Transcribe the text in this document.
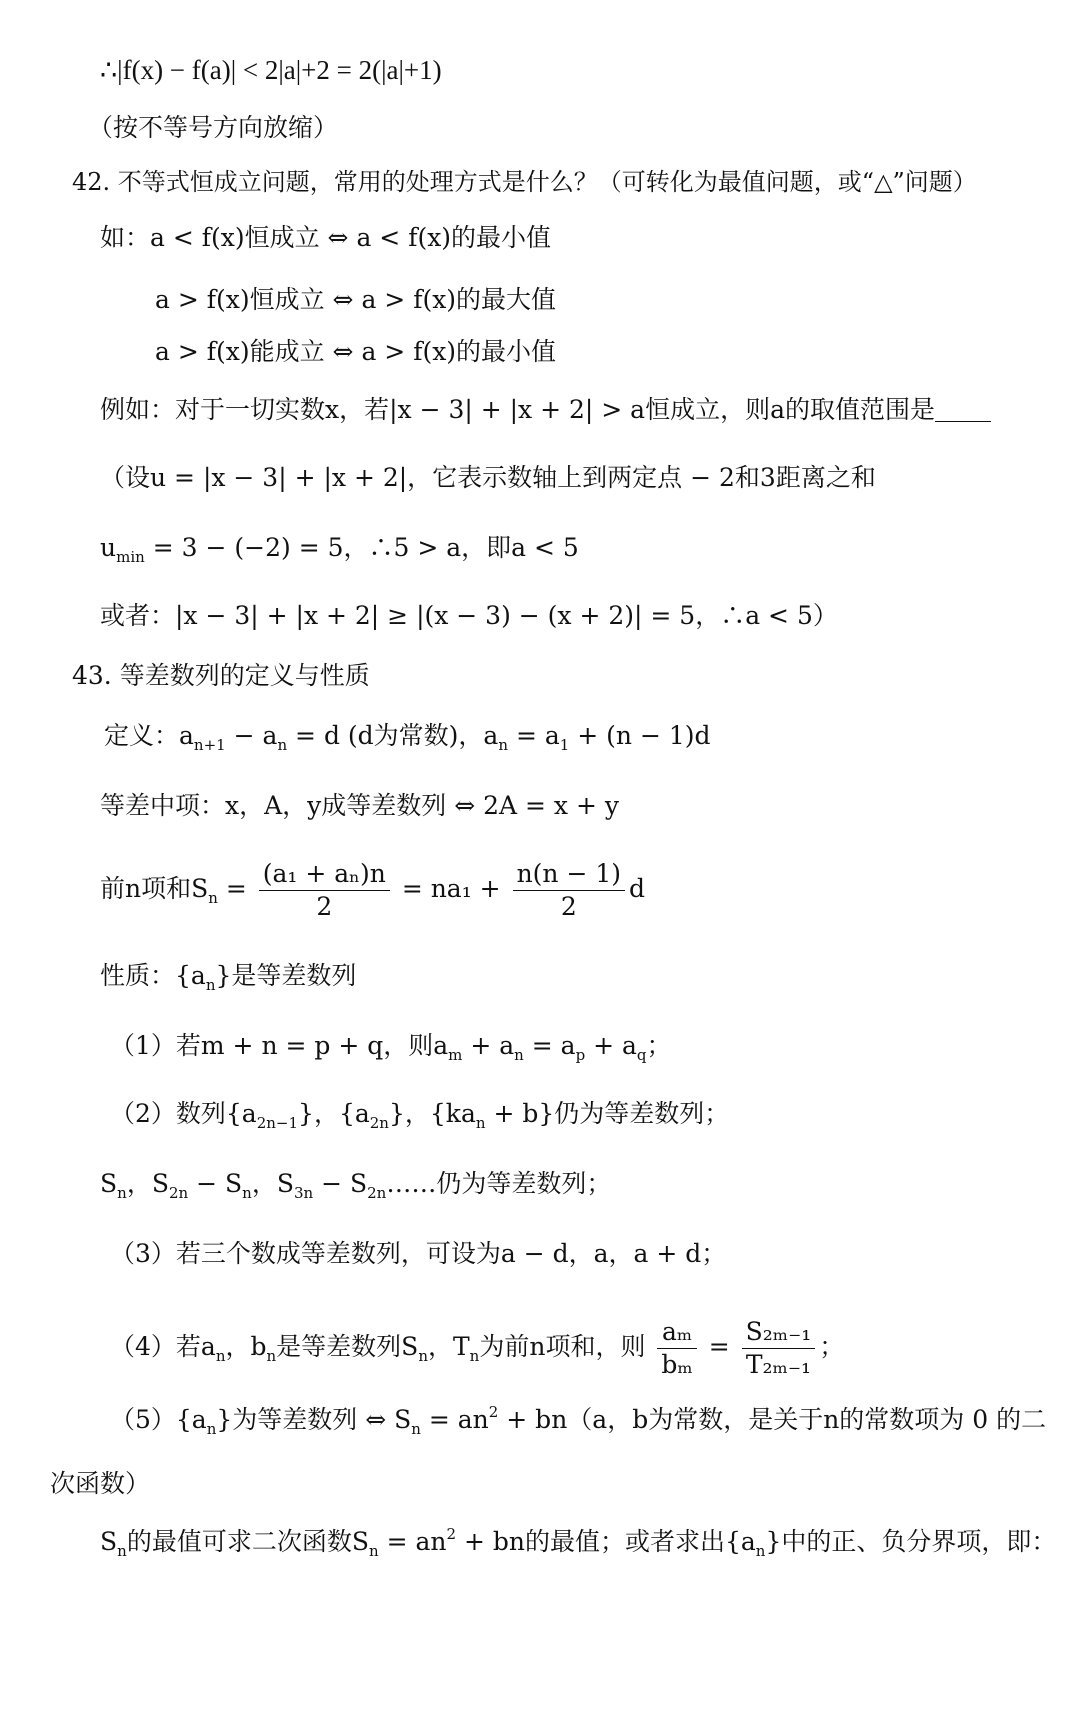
∴|f(x) − f(a)| < 2|a|+2 = 2(|a|+1)
（按不等号方向放缩）
42. 不等式恒成立问题，常用的处理方式是什么？（可转化为最值问题，或“△”问题）
如：a < f(x)恒成立 ⇔ a < f(x)的最小值
a > f(x)恒成立 ⇔ a > f(x)的最大值
a > f(x)能成立 ⇔ a > f(x)的最小值
例如：对于一切实数x，若|x − 3| + |x + 2| > a恒成立，则a的取值范围是
（设u = |x − 3| + |x + 2|，它表示数轴上到两定点 − 2和3距离之和
$u_{min} = 3 - (-2) = 5$，∴5 > a，即a < 5
或者：|x − 3| + |x + 2| ≥ |(x − 3) − (x + 2)| = 5，∴a < 5）
43. 等差数列的定义与性质
定义：$a_{n+1} - a_n = d$ (d为常数)，$a_n = a_1 + (n - 1)d$
等差中项：x，A，y成等差数列 ⇔ 2A = x + y
前n项和$S_n = \frac{\text{(a₁ + aₙ)n}}{2} = na_1 + \frac{n(n - 1)}{2}$ d
性质：$\{a_n\}$是等差数列
（1）若m + n = p + q，则$a_m + a_n = a_p + a_q$；
（2）数列$\{a_{2n-1}\}$，$\{a_{2n}\}$，$\{ka_n + b\}$仍为等差数列；
$S_n$，$S_{2n} - S_n$，$S_{3n}$ − $S_{2n}\dots\dots$仍为等差数列；
（3）若三个数成等差数列，可设为a − d，a，a + d；
（4）若$a_n$，$b_n$是等差数列$S_n$，$T_n$为前n项和，则 $\frac{\text{aₘ}}{\text{bₘ}} = \frac{\text{S₂ₘ₋₁}}{\text{T₂ₘ₋₁}}$ ；
$(5)\{a_n\}$为等差数列 ⇔ $S_n = an^2 + bn(a$，b为常数，是关于n的常数项为 0 的二
次函数）
$S_n$的最值可求二次函数$S_n = an^2$ + bn的最值；或者求出$\{a_n\}$中的正、负分界项，即：
